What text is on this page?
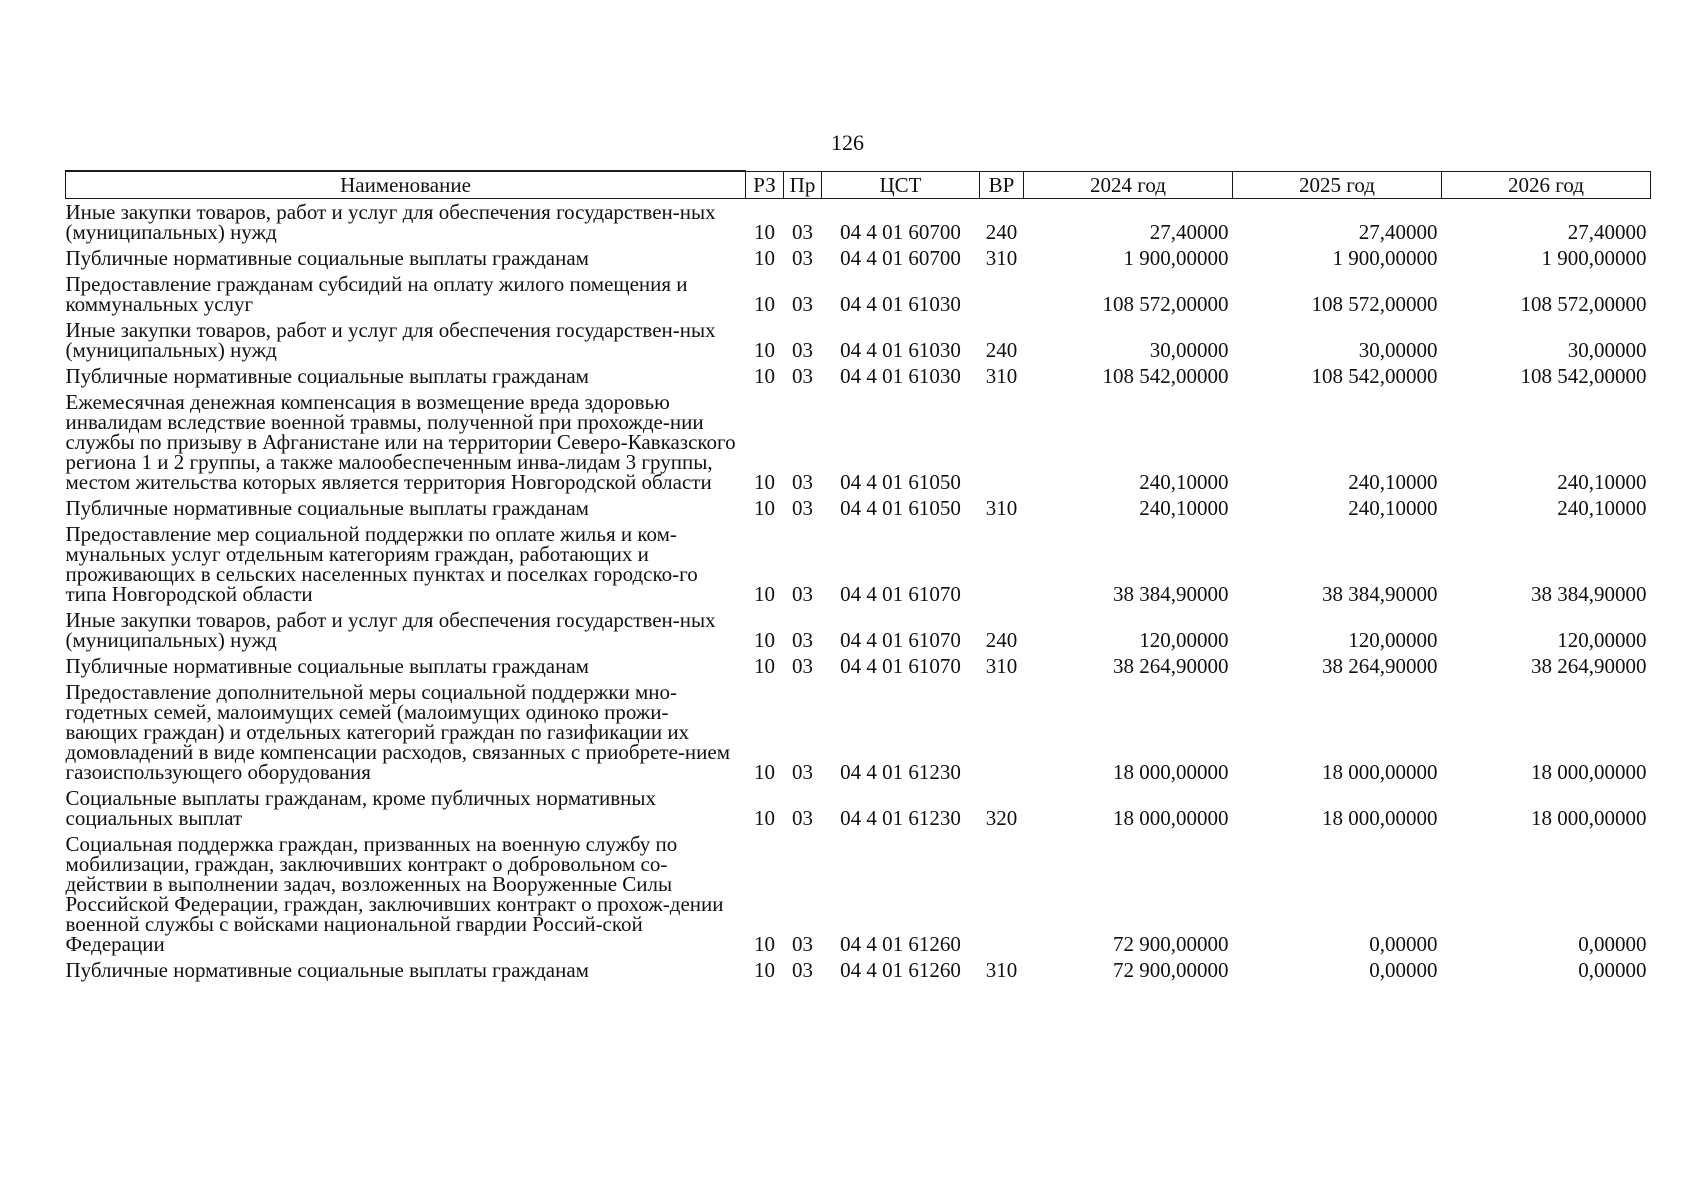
126
Наименование	РЗ	Пр	ЦСТ	ВР	2024 год	2025 год	2026 год
Иные закупки товаров, работ и услуг для обеспечения государствен-ных (муниципальных) нужд	10	03	04 4 01 60700	240	27,40000	27,40000	27,40000
Публичные нормативные социальные выплаты гражданам	10	03	04 4 01 60700	310	1 900,00000	1 900,00000	1 900,00000
Предоставление гражданам субсидий на оплату жилого помещения и коммунальных услуг	10	03	04 4 01 61030		108 572,00000	108 572,00000	108 572,00000
Иные закупки товаров, работ и услуг для обеспечения государствен-ных (муниципальных) нужд	10	03	04 4 01 61030	240	30,00000	30,00000	30,00000
Публичные нормативные социальные выплаты гражданам	10	03	04 4 01 61030	310	108 542,00000	108 542,00000	108 542,00000
Ежемесячная денежная компенсация в возмещение вреда здоровью инвалидам вследствие военной травмы, полученной при прохожде-нии службы по призыву в Афганистане или на территории Северо-Кавказского региона 1 и 2 группы, а также малообеспеченным инва-лидам 3 группы, местом жительства которых является территория Новгородской области	10	03	04 4 01 61050		240,10000	240,10000	240,10000
Публичные нормативные социальные выплаты гражданам	10	03	04 4 01 61050	310	240,10000	240,10000	240,10000
Предоставление мер социальной поддержки по оплате жилья и ком-мунальных услуг отдельным категориям граждан, работающих и проживающих в сельских населенных пунктах и поселках городско-го типа Новгородской области	10	03	04 4 01 61070		38 384,90000	38 384,90000	38 384,90000
Иные закупки товаров, работ и услуг для обеспечения государствен-ных (муниципальных) нужд	10	03	04 4 01 61070	240	120,00000	120,00000	120,00000
Публичные нормативные социальные выплаты гражданам	10	03	04 4 01 61070	310	38 264,90000	38 264,90000	38 264,90000
Предоставление дополнительной меры социальной поддержки мно-годетных семей, малоимущих семей (малоимущих одиноко прожи-вающих граждан) и отдельных категорий граждан по газификации их домовладений в виде компенсации расходов, связанных с приобрете-нием газоиспользующего оборудования	10	03	04 4 01 61230		18 000,00000	18 000,00000	18 000,00000
Социальные выплаты гражданам, кроме публичных нормативных социальных выплат	10	03	04 4 01 61230	320	18 000,00000	18 000,00000	18 000,00000
Социальная поддержка граждан, призванных на военную службу по мобилизации, граждан, заключивших контракт о добровольном со-действии в выполнении задач, возложенных на Вооруженные Силы Российской Федерации, граждан, заключивших контракт о прохож-дении военной службы с войсками национальной гвардии Россий-ской Федерации	10	03	04 4 01 61260		72 900,00000	0,00000	0,00000
Публичные нормативные социальные выплаты гражданам	10	03	04 4 01 61260	310	72 900,00000	0,00000	0,00000
